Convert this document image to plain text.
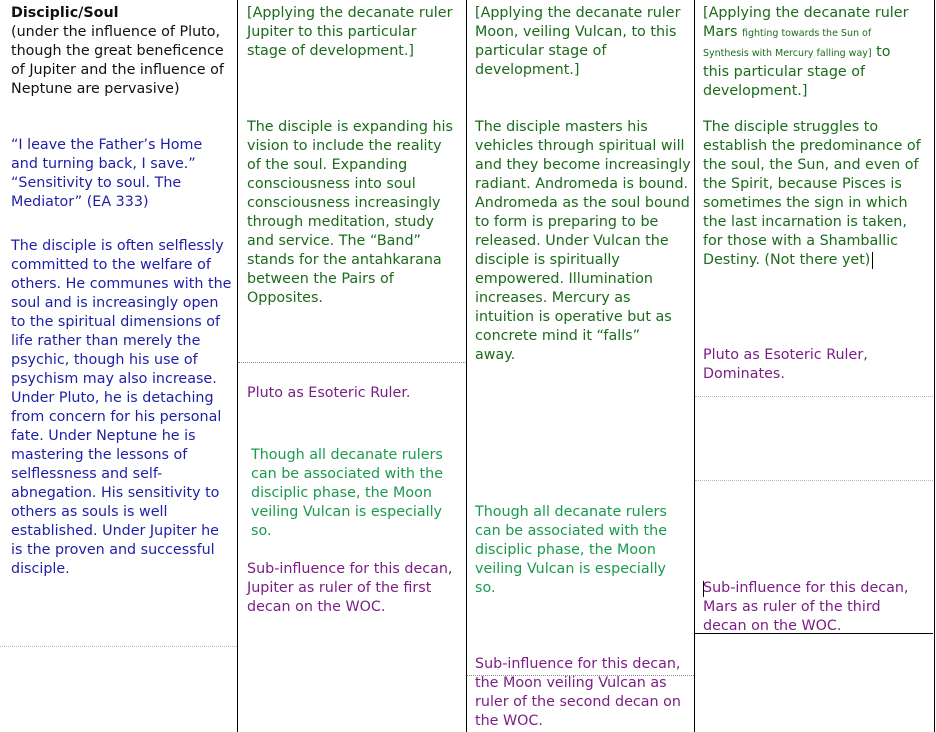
Disciplic/Soul
(under the influence of Pluto,
though the great beneficence
of Jupiter and the influence of
Neptune are pervasive)
“I leave the Father’s Home
and turning back, I save.”
“Sensitivity to soul. The
Mediator” (EA 333)
The disciple is often selflessly
committed to the welfare of
others. He communes with the
soul and is increasingly open
to the spiritual dimensions of
life rather than merely the
psychic, though his use of
psychism may also increase.
Under Pluto, he is detaching
from concern for his personal
fate. Under Neptune he is
mastering the lessons of
selflessness and self-
abnegation. His sensitivity to
others as souls is well
established. Under Jupiter he
is the proven and successful
disciple.
[Applying the decanate ruler
Jupiter to this particular
stage of development.]
The disciple is expanding his
vision to include the reality
of the soul. Expanding
consciousness into soul
consciousness increasingly
through meditation, study
and service. The “Band”
stands for the antahkarana
between the Pairs of
Opposites.
Pluto as Esoteric Ruler.
Though all decanate rulers
can be associated with the
disciplic phase, the Moon
veiling Vulcan is especially
so.
Sub-influence for this decan,
Jupiter as ruler of the first
decan on the WOC.
[Applying the decanate ruler
Moon, veiling Vulcan, to this
particular stage of
development.]
The disciple masters his
vehicles through spiritual will
and they become increasingly
radiant. Andromeda is bound.
Andromeda as the soul bound
to form is preparing to be
released. Under Vulcan the
disciple is spiritually
empowered. Illumination
increases. Mercury as
intuition is operative but as
concrete mind it “falls”
away.
Though all decanate rulers
can be associated with the
disciplic phase, the Moon
veiling Vulcan is especially
so.
Sub-influence for this decan,
the Moon veiling Vulcan as
ruler of the second decan on
the WOC.
[Applying the decanate ruler
Mars fighting towards the Sun of
Synthesis with Mercury falling way] to
this particular stage of
development.]
The disciple struggles to
establish the predominance of
the soul, the Sun, and even of
the Spirit, because Pisces is
sometimes the sign in which
the last incarnation is taken,
for those with a Shamballic
Destiny. (Not there yet)
Pluto as Esoteric Ruler,
Dominates.
Sub-influence for this decan,
Mars as ruler of the third
decan on the WOC.
